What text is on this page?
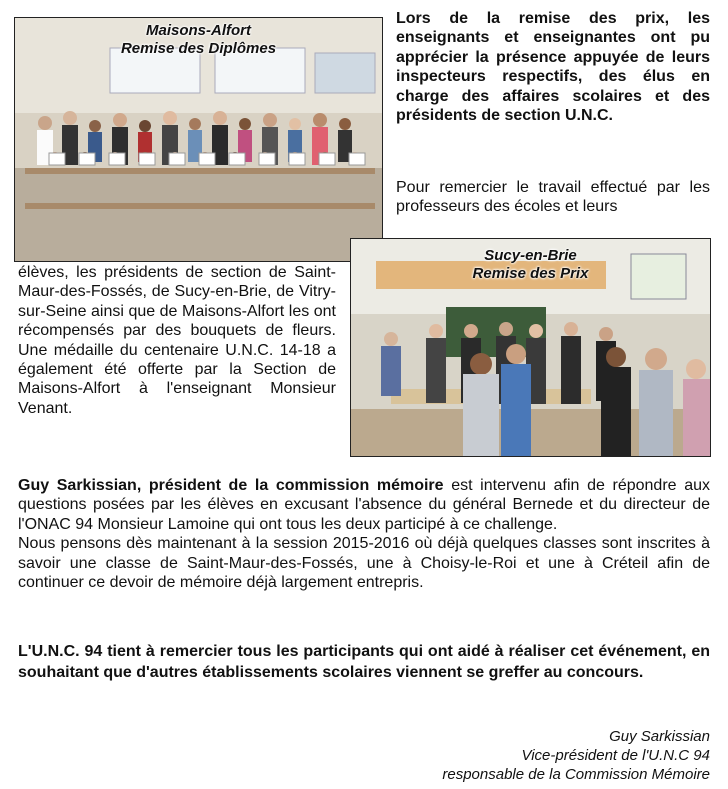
Maisons-Alfort
Remise des Diplômes

Lors de la remise des prix, les enseignants et enseignantes ont pu apprécier la présence appuyée de leurs inspecteurs respectifs, des élus en charge des affaires scolaires et des présidents de section U.N.C.

Pour remercier le travail effectué par les professeurs des écoles et leurs

Sucy-en-Brie
Remise des Prix

élèves, les présidents de section de Saint-Maur-des-Fossés, de Sucy-en-Brie, de Vitry-sur-Seine ainsi que de Maisons-Alfort les ont récompensés par des bouquets de fleurs. Une médaille du centenaire U.N.C. 14-18 a également été offerte par la Section de Maisons-Alfort à l'enseignant Monsieur Venant.

Guy Sarkissian, président de la commission mémoire est intervenu afin de répondre aux questions posées par les élèves en excusant l'absence du général Bernede et du directeur de l'ONAC 94 Monsieur Lamoine qui ont tous les deux participé à ce challenge.
Nous pensons dès maintenant à la session 2015-2016 où déjà quelques classes sont inscrites à savoir une classe de Saint-Maur-des-Fossés, une à Choisy-le-Roi et une à Créteil afin de continuer ce devoir de mémoire déjà largement entrepris.

L'U.N.C. 94 tient à remercier tous les participants qui ont aidé à réaliser cet événement, en souhaitant que d'autres établissements scolaires viennent se greffer au concours.

Guy Sarkissian
Vice-président de l'U.N.C 94
responsable de la Commission Mémoire
